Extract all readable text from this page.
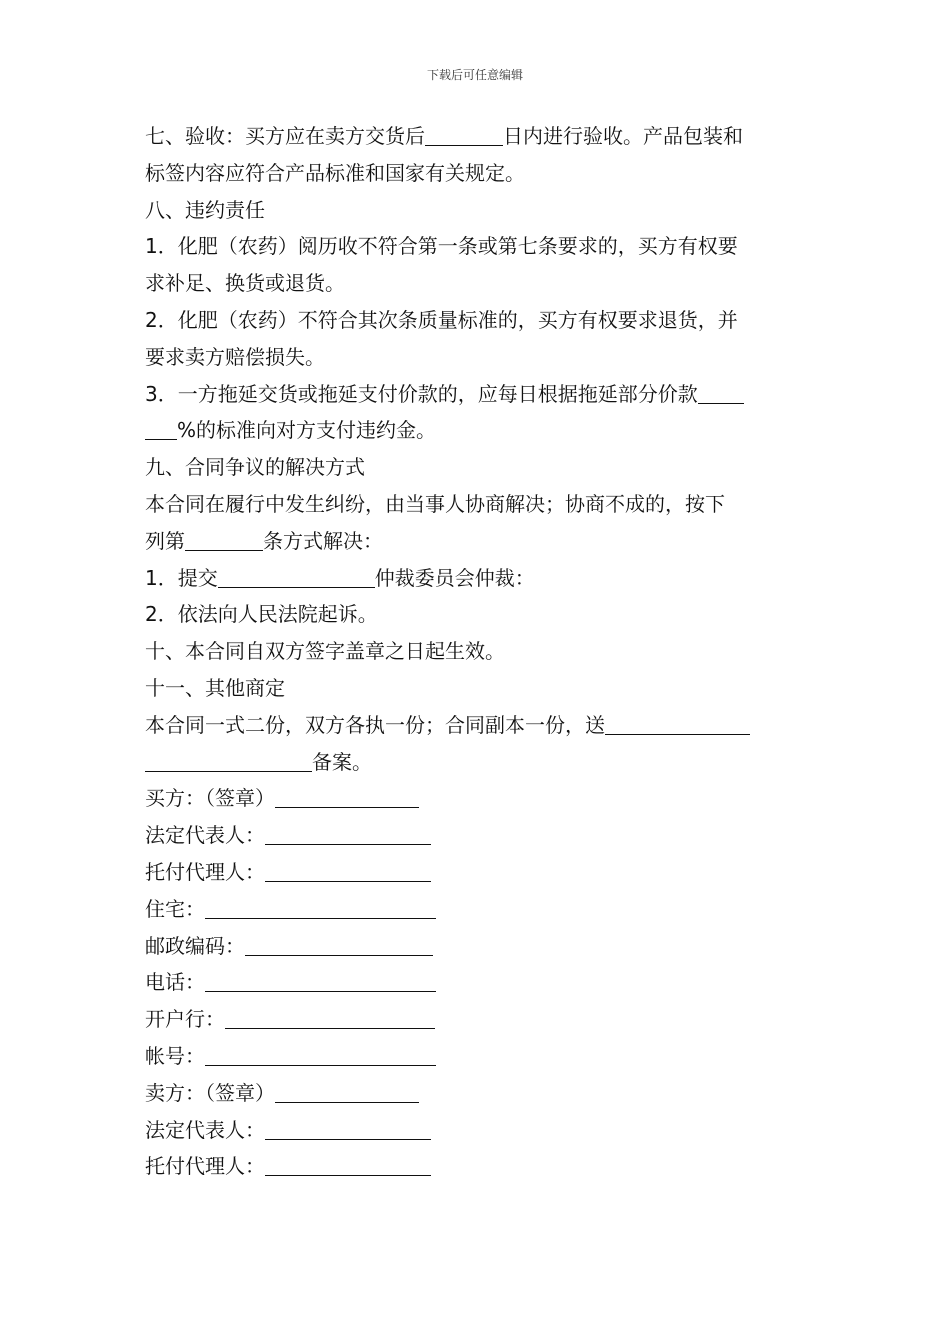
下载后可任意编辑
七、验收：买方应在卖方交货后	日内进行验收。产品包装和
标签内容应符合产品标准和国家有关规定。
八、违约责任
1．化肥（农药）阅历收不符合第一条或第七条要求的，买方有权要
求补足、换货或退货。
2．化肥（农药）不符合其次条质量标准的，买方有权要求退货，并
要求卖方赔偿损失。
3．一方拖延交货或拖延支付价款的，应每日根据拖延部分价款
%的标准向对方支付违约金。
九、合同争议的解决方式
本合同在履行中发生纠纷，由当事人协商解决；协商不成的，按下
列第	条方式解决：
1．提交	仲裁委员会仲裁：
2．依法向人民法院起诉。
十、本合同自双方签字盖章之日起生效。
十一、其他商定
本合同一式二份，双方各执一份；合同副本一份，送
备案。
买方：（签章）
法定代表人：
托付代理人：
住宅：
邮政编码：
电话：
开户行：
帐号：
卖方：（签章）
法定代表人：
托付代理人：
